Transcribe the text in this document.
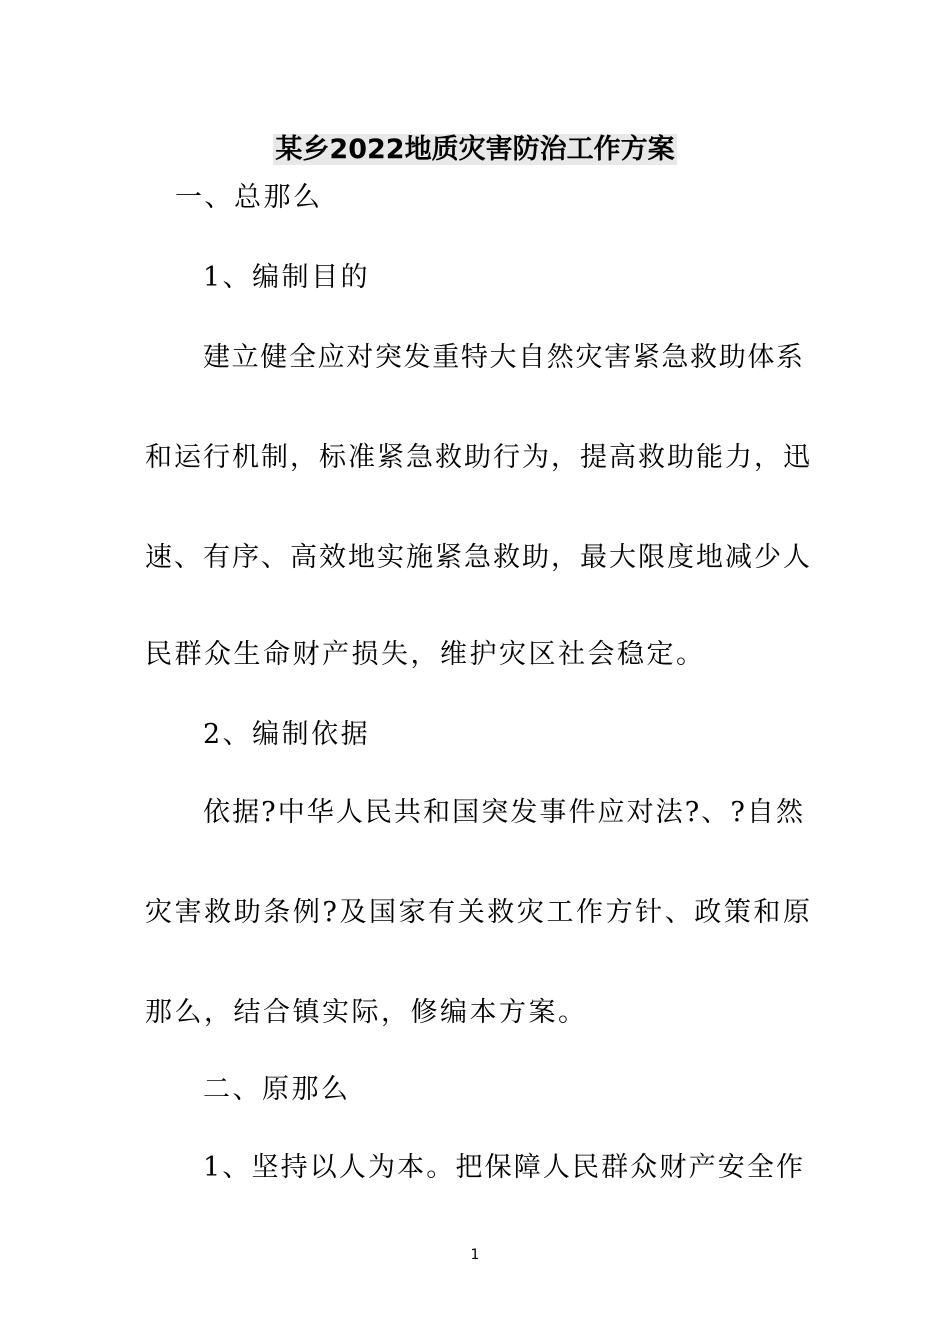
某乡2022地质灾害防治工作方案
一、总那么
1、编制目的
建立健全应对突发重特大自然灾害紧急救助体系
和运行机制，标准紧急救助行为，提高救助能力，迅
速、有序、高效地实施紧急救助，最大限度地减少人
民群众生命财产损失，维护灾区社会稳定。
2、编制依据
依据?中华人民共和国突发事件应对法?、?自然
灾害救助条例?及国家有关救灾工作方针、政策和原
那么，结合镇实际，修编本方案。
二、原那么
1、坚持以人为本。把保障人民群众财产安全作
1
